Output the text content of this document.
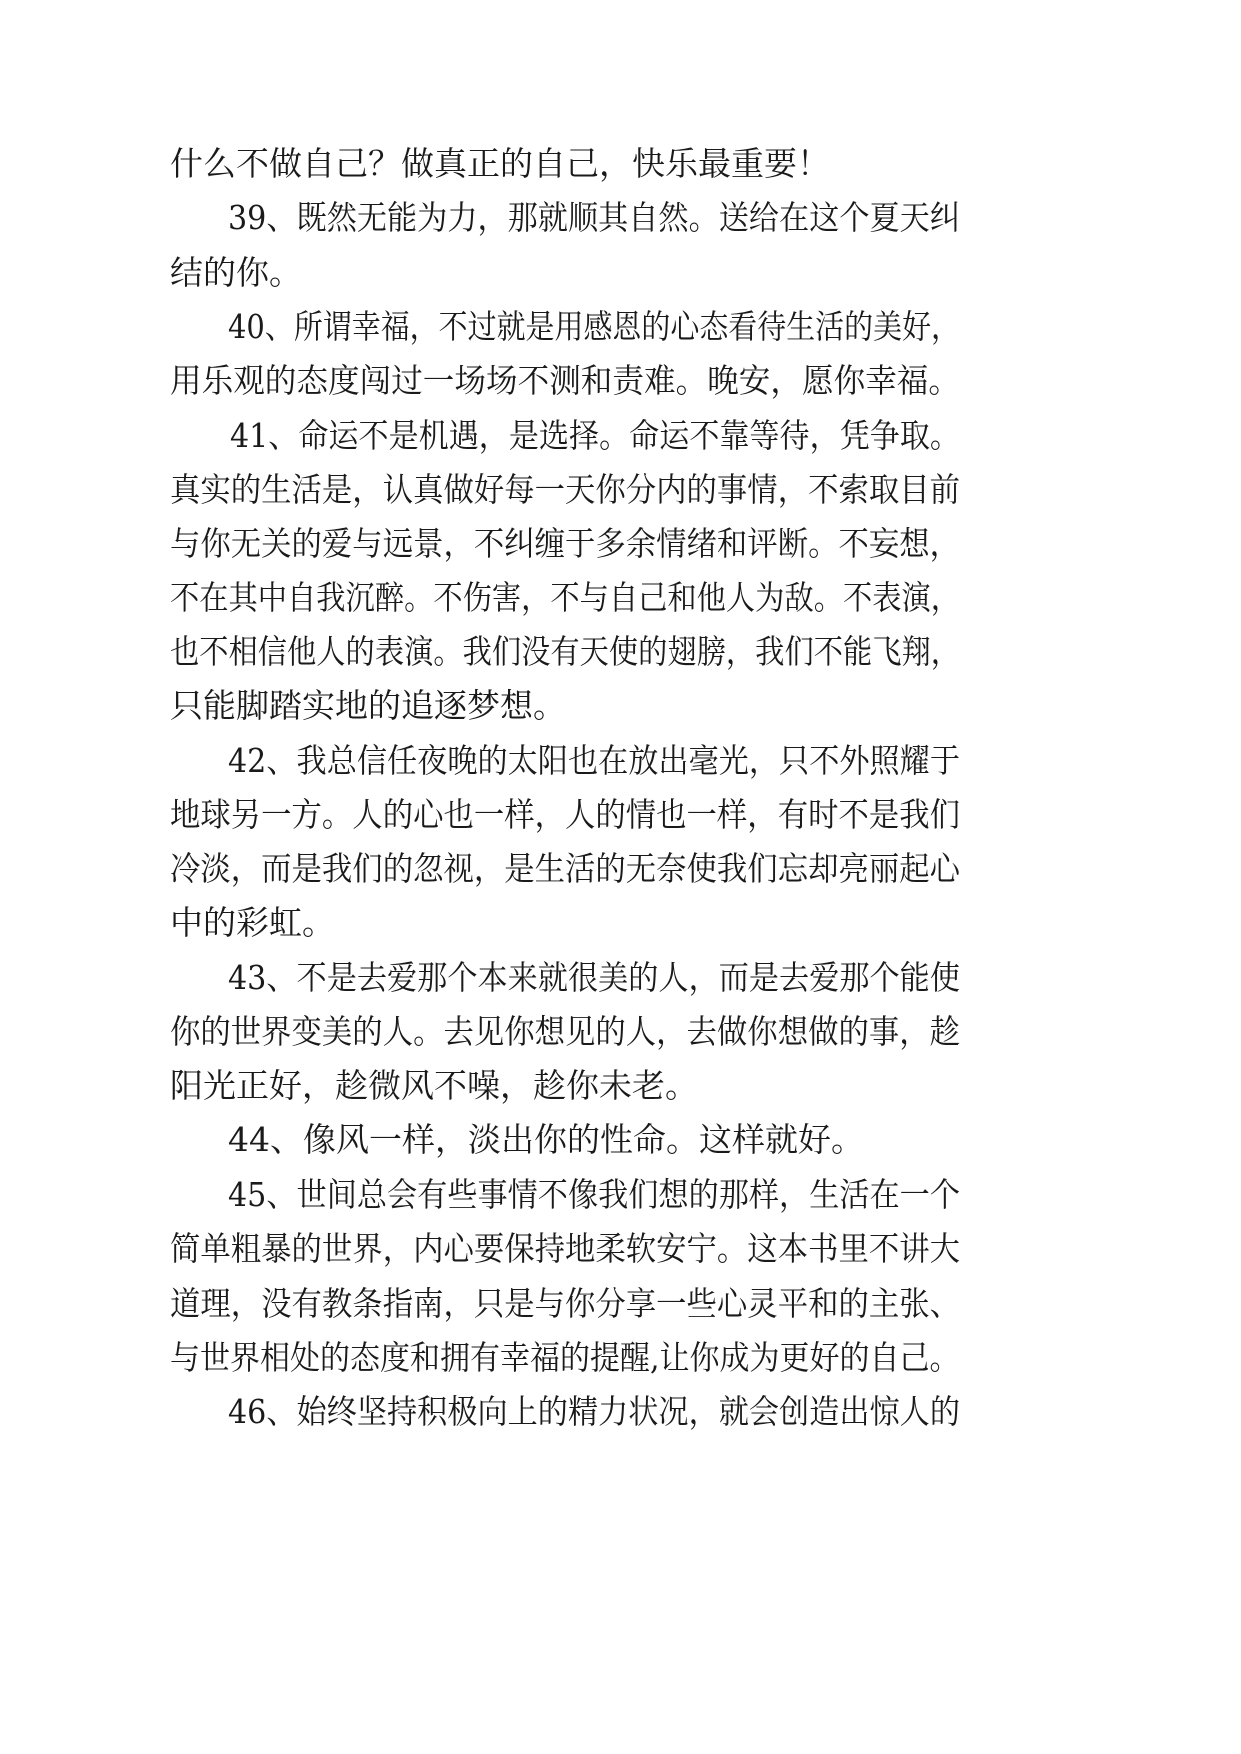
什么不做自己？做真正的自己，快乐最重要！
39、既然无能为力，那就顺其自然。送给在这个夏天纠
结的你。
40、所谓幸福，不过就是用感恩的心态看待生活的美好，
用乐观的态度闯过一场场不测和责难。晚安，愿你幸福。
41、命运不是机遇，是选择。命运不靠等待，凭争取。
真实的生活是，认真做好每一天你分内的事情，不索取目前
与你无关的爱与远景，不纠缠于多余情绪和评断。不妄想，
不在其中自我沉醉。不伤害，不与自己和他人为敌。不表演，
也不相信他人的表演。我们没有天使的翅膀，我们不能飞翔，
只能脚踏实地的追逐梦想。
42、我总信任夜晚的太阳也在放出毫光，只不外照耀于
地球另一方。人的心也一样，人的情也一样，有时不是我们
冷淡，而是我们的忽视，是生活的无奈使我们忘却亮丽起心
中的彩虹。
43、不是去爱那个本来就很美的人，而是去爱那个能使
你的世界变美的人。去见你想见的人，去做你想做的事，趁
阳光正好，趁微风不噪，趁你未老。
44、像风一样，淡出你的性命。这样就好。
45、世间总会有些事情不像我们想的那样，生活在一个
简单粗暴的世界，内心要保持地柔软安宁。这本书里不讲大
道理，没有教条指南，只是与你分享一些心灵平和的主张、
与世界相处的态度和拥有幸福的提醒,让你成为更好的自己。
46、始终坚持积极向上的精力状况，就会创造出惊人的
